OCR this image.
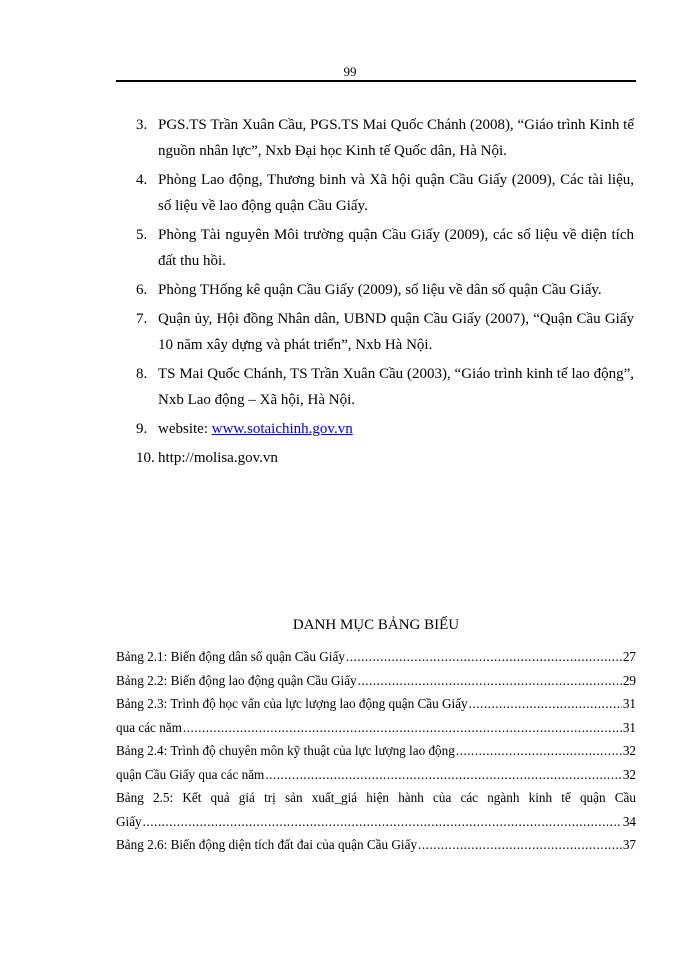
99
3. PGS.TS Trần Xuân Cầu, PGS.TS Mai Quốc Chánh (2008), “Giáo trình Kinh tế nguồn nhân lực”, Nxb Đại học Kinh tế Quốc dân, Hà Nội.
4. Phòng Lao động, Thương binh và Xã hội quận Cầu Giấy (2009), Các tài liệu, số liệu về lao động quận Cầu Giấy.
5. Phòng Tài nguyên Môi trường quận Cầu Giấy (2009), các số liệu về diện tích đất thu hồi.
6. Phòng THống kê quận Cầu Giấy (2009), số liệu về dân số quận Cầu Giấy.
7. Quận ủy, Hội đồng Nhân dân, UBND quận Cầu Giấy (2007), “Quận Cầu Giấy 10 năm xây dựng và phát triển”, Nxb Hà Nội.
8. TS Mai Quốc Chánh, TS Trần Xuân Cầu (2003), “Giáo trình kinh tế lao động”, Nxb Lao động – Xã hội, Hà Nội.
9. website: www.sotaichinh.gov.vn
10. http://molisa.gov.vn
DANH MỤC BẢNG BIỂU
Bảng 2.1: Biến động dân số quận Cầu Giấy .....	27
Bảng 2.2: Biến động lao động quận Cầu Giấy .....	29
Bảng 2.3: Trình độ học vấn của lực lượng lao động quận Cầu Giấy .....	31
qua các năm .....	31
Bảng 2.4: Trình độ chuyên môn kỹ thuật của lực lượng lao động .....	32
quận Cầu Giấy qua các năm .....	32
Bảng 2.5: Kết quả giá trị sản xuất_giá hiện hành của các ngành kinh tế quận Cầu
Giấy .....	34
Bảng 2.6: Biến động diện tích đất đai của quận Cầu Giấy .....	37
